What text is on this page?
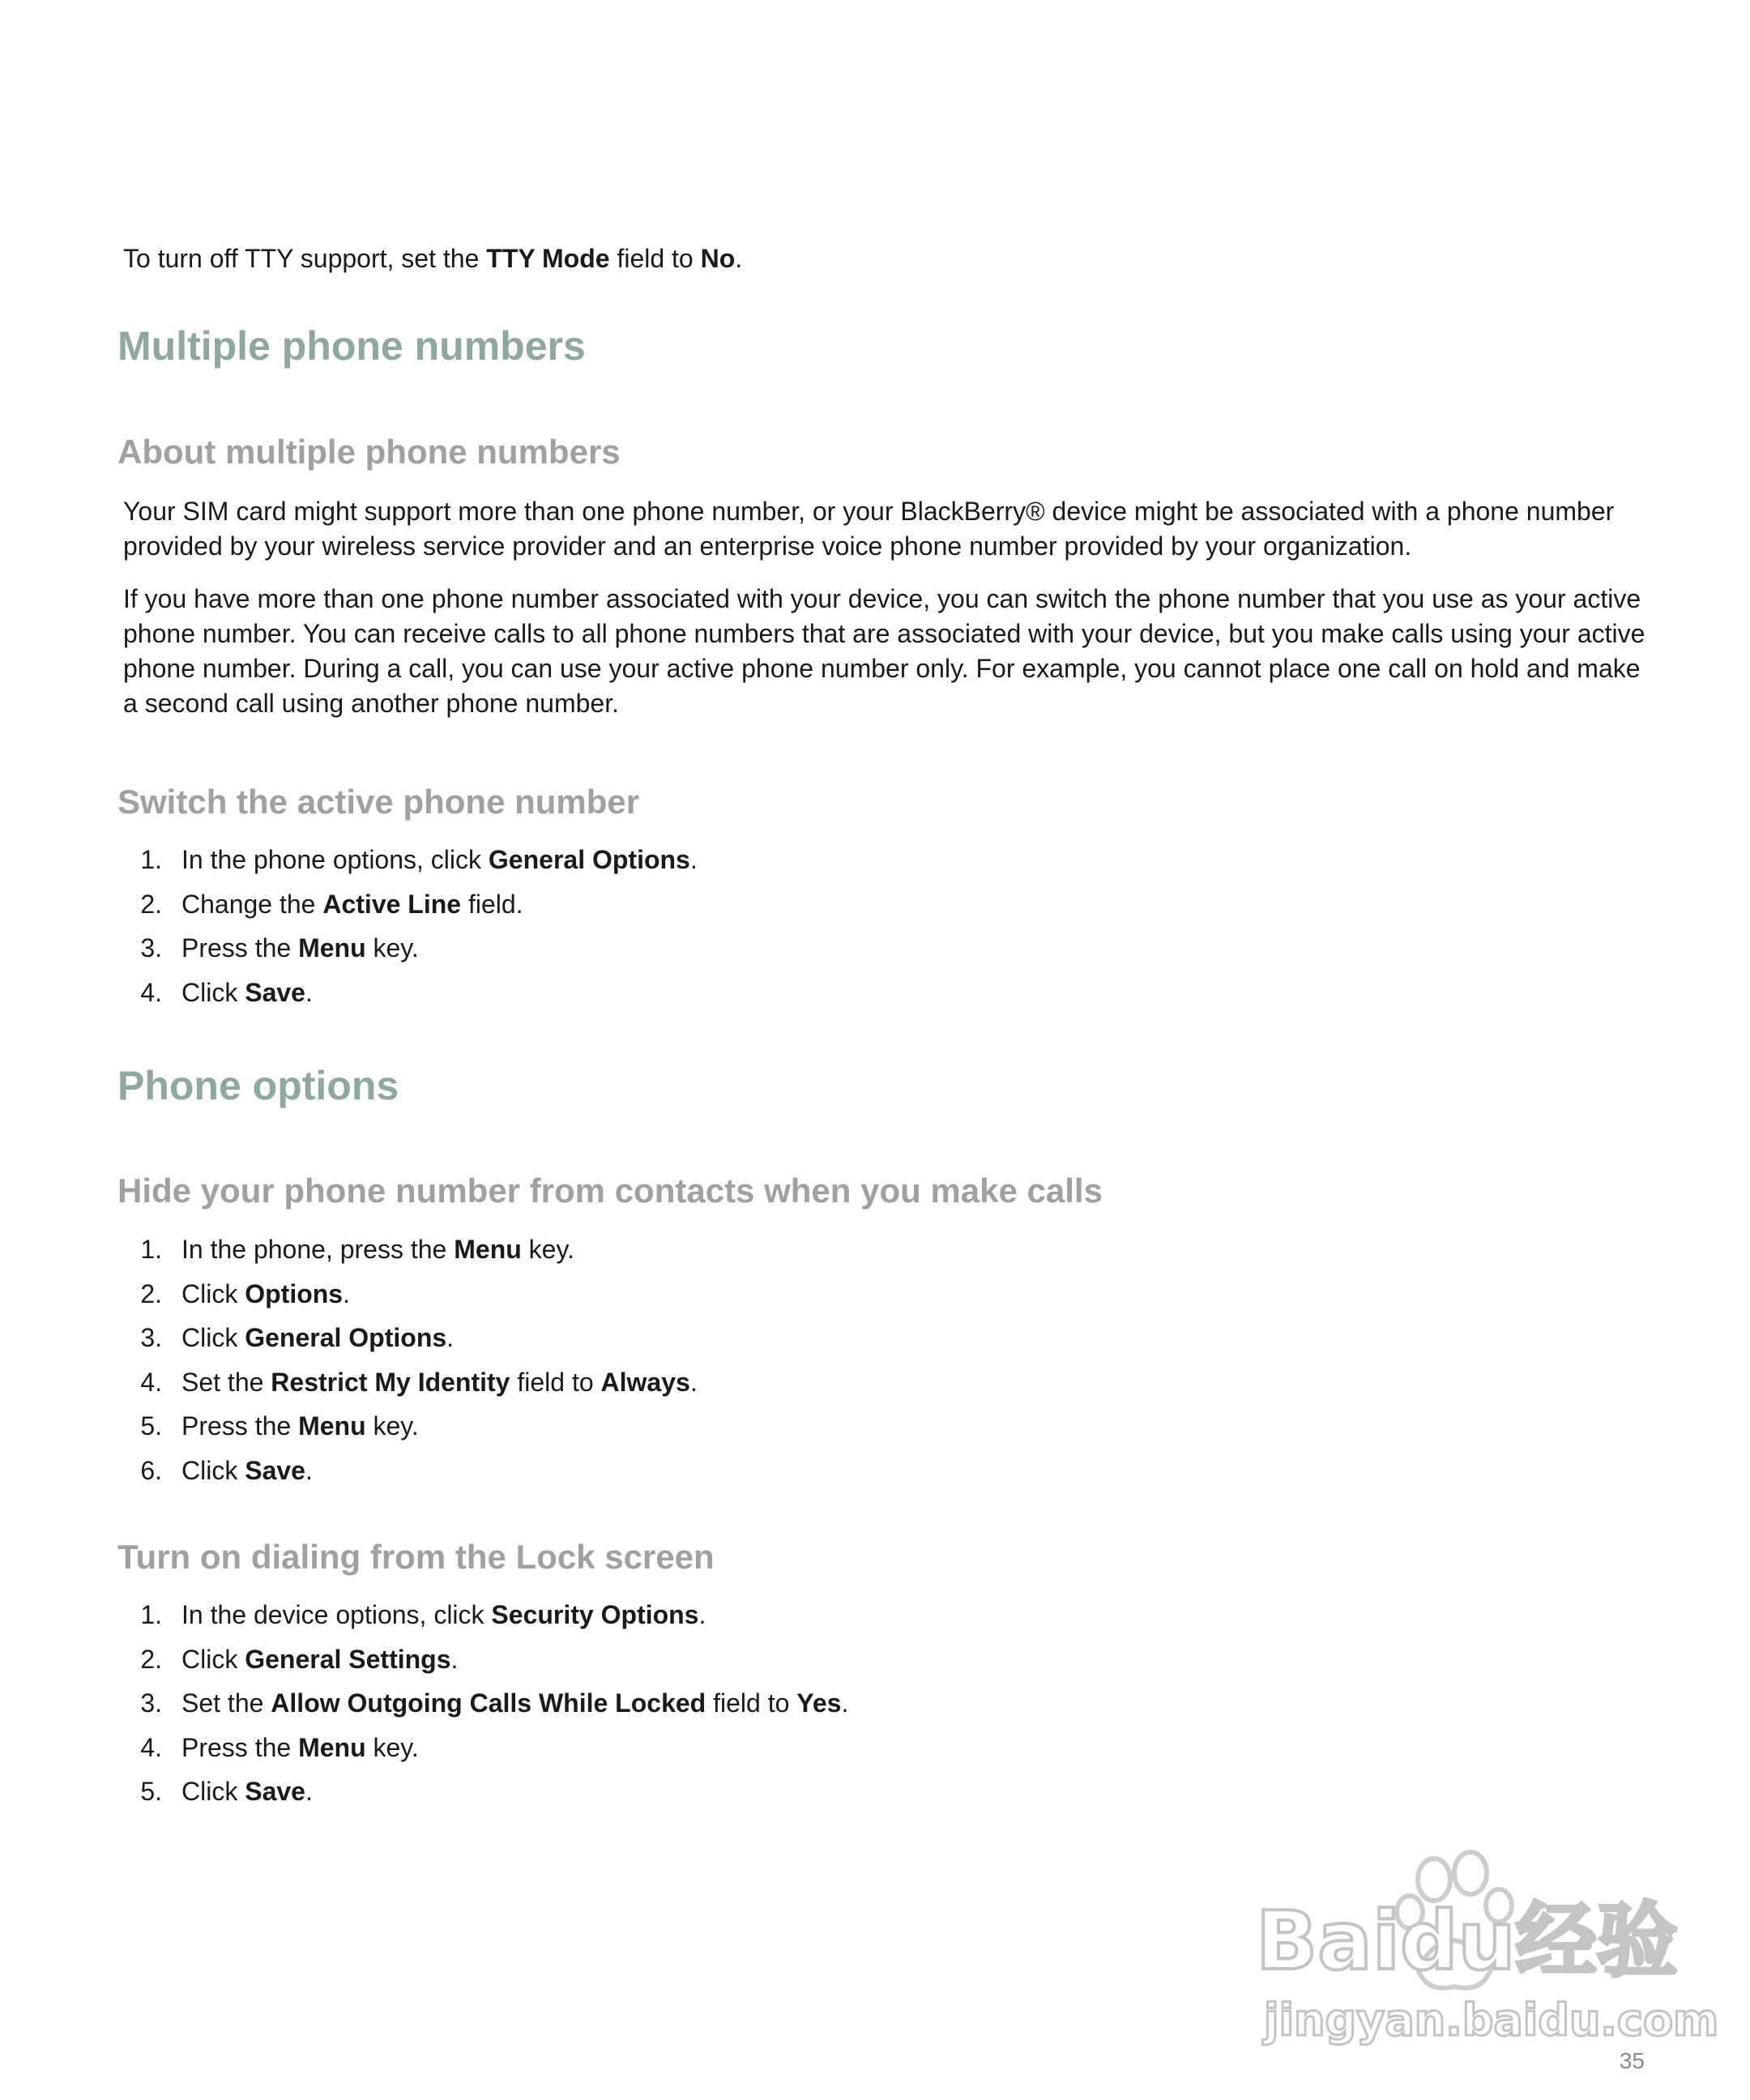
To turn off TTY support, set the TTY Mode field to No.

Multiple phone numbers
About multiple phone numbers

Your SIM card might support more than one phone number, or your BlackBerry® device might be associated with a phone number provided by your wireless service provider and an enterprise voice phone number provided by your organization.

If you have more than one phone number associated with your device, you can switch the phone number that you use as your active phone number. You can receive calls to all phone numbers that are associated with your device, but you make calls using your active phone number. During a call, you can use your active phone number only. For example, you cannot place one call on hold and make a second call using another phone number.

Switch the active phone number
1. In the phone options, click General Options.
2. Change the Active Line field.
3. Press the Menu key.
4. Click Save.
Phone options
Hide your phone number from contacts when you make calls
1. In the phone, press the Menu key.
2. Click Options.
3. Click General Options.
4. Set the Restrict My Identity field to Always.
5. Press the Menu key.
6. Click Save.
Turn on dialing from the Lock screen
1. In the device options, click Security Options.
2. Click General Settings.
3. Set the Allow Outgoing Calls While Locked field to Yes.
4. Press the Menu key.
5. Click Save.
Baidu经验
jingyan.baidu.com
35
